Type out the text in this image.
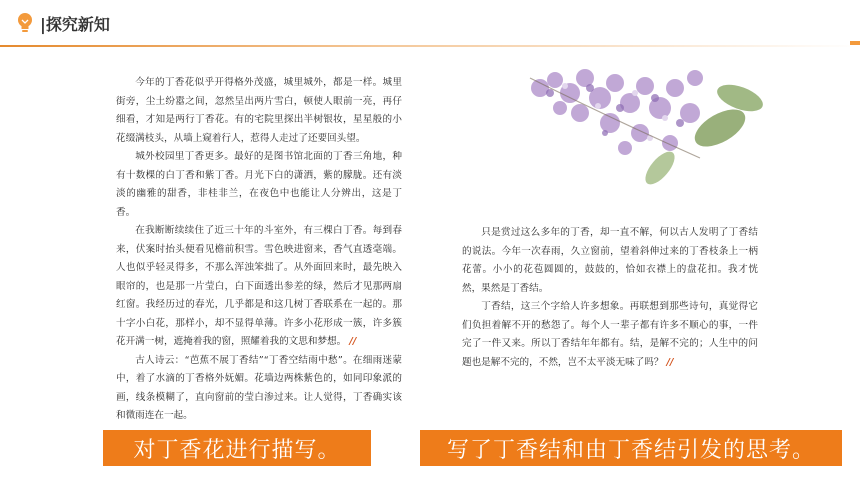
|探究新知

今年的丁香花似乎开得格外茂盛，城里城外，都是一样。城里街旁，尘土纷嚣之间，忽然呈出两片雪白，顿使人眼前一亮，再仔细看，才知是两行丁香花。有的宅院里探出半树银妆，星星般的小花缀满枝头，从墙上窥着行人，惹得人走过了还要回头望。

城外校园里丁香更多。最好的是图书馆北面的丁香三角地，种有十数棵的白丁香和紫丁香。月光下白的潇洒，紫的朦胧。还有淡淡的幽雅的甜香，非桂非兰，在夜色中也能让人分辨出，这是丁香。

在我断断续续住了近三十年的斗室外，有三棵白丁香。每到春来，伏案时抬头便看见檐前积雪。雪色映进窗来，香气直透毫端。人也似乎轻灵得多，不那么浑浊笨拙了。从外面回来时，最先映入眼帘的，也是那一片莹白，白下面透出参差的绿，然后才见那两扇红窗。我经历过的春光，几乎都是和这几树丁香联系在一起的。那十字小白花，那样小，却不显得单薄。许多小花形成一簇，许多簇花开满一树，遮掩着我的窗，照耀着我的文思和梦想。 //

古人诗云：“芭蕉不展丁香结”“丁香空结雨中愁”。在细雨迷蒙中，着了水滴的丁香格外妩媚。花墙边两株紫色的，如同印象派的画，线条模糊了，直向窗前的莹白渗过来。让人觉得，丁香确实该和微雨连在一起。

只是赏过这么多年的丁香，却一直不解，何以古人发明了丁香结的说法。今年一次春雨，久立窗前，望着斜伸过来的丁香枝条上一柄花蕾。小小的花苞圆圆的，鼓鼓的，恰如衣襟上的盘花扣。我才恍然，果然是丁香结。

丁香结，这三个字给人许多想象。再联想到那些诗句，真觉得它们负担着解不开的愁怨了。每个人一辈子都有许多不顺心的事，一件完了一件又来。所以丁香结年年都有。结，是解不完的；人生中的问题也是解不完的，不然，岂不太平淡无味了吗？ //

对丁香花进行描写。	写了丁香结和由丁香结引发的思考。
